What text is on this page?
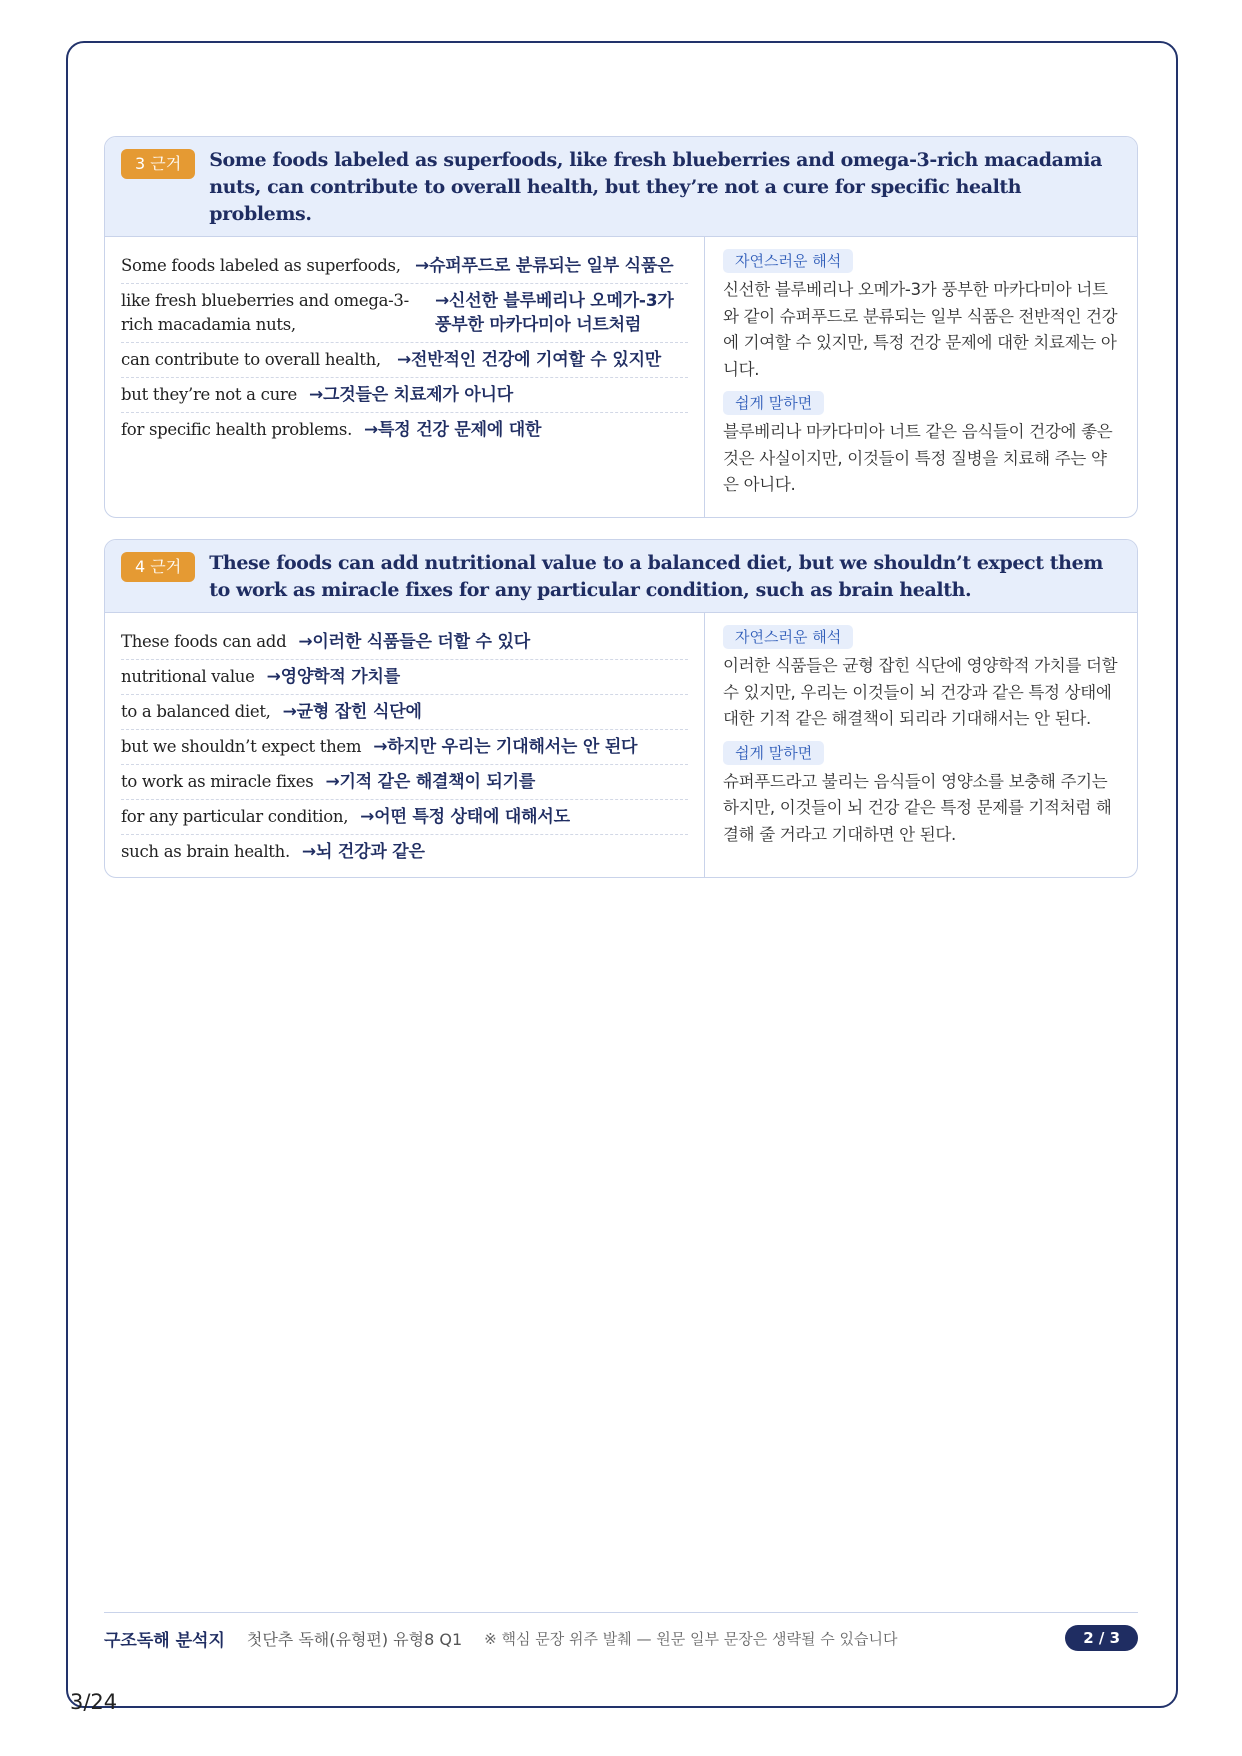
3 근거	Some foods labeled as superfoods, like fresh blueberries and omega-3-rich macadamia nuts, can contribute to overall health, but they’re not a cure for specific health problems.
Some foods labeled as superfoods, →슈퍼푸드로 분류되는 일부 식품은
like fresh blueberries and omega-3-rich macadamia nuts,
→신선한 블루베리나 오메가-3가 풍부한 마카다미아 너트처럼
can contribute to overall health, →전반적인 건강에 기여할 수 있지만
but they’re not a cure →그것들은 치료제가 아니다
for specific health problems. →특정 건강 문제에 대한
자연스러운 해석

신선한 블루베리나 오메가-3가 풍부한 마카다미아 너트와 같이 슈퍼푸드로 분류되는 일부 식품은 전반적인 건강에 기여할 수 있지만, 특정 건강 문제에 대한 치료제는 아니다.

쉽게 말하면

블루베리나 마카다미아 너트 같은 음식들이 건강에 좋은 것은 사실이지만, 이것들이 특정 질병을 치료해 주는 약은 아니다.

4 근거	These foods can add nutritional value to a balanced diet, but we shouldn’t expect them to work as miracle fixes for any particular condition, such as brain health.
These foods can add →이러한 식품들은 더할 수 있다
nutritional value →영양학적 가치를
to a balanced diet, →균형 잡힌 식단에
but we shouldn’t expect them →하지만 우리는 기대해서는 안 된다
to work as miracle fixes →기적 같은 해결책이 되기를
for any particular condition, →어떤 특정 상태에 대해서도
such as brain health. →뇌 건강과 같은
자연스러운 해석

이러한 식품들은 균형 잡힌 식단에 영양학적 가치를 더할 수 있지만, 우리는 이것들이 뇌 건강과 같은 특정 상태에 대한 기적 같은 해결책이 되리라 기대해서는 안 된다.

쉽게 말하면

슈퍼푸드라고 불리는 음식들이 영양소를 보충해 주기는 하지만, 이것들이 뇌 건강 같은 특정 문제를 기적처럼 해결해 줄 거라고 기대하면 안 된다.

구조독해 분석지 첫단추 독해(유형편) 유형8 Q1 ※ 핵심 문장 위주 발췌 — 원문 일부 문장은 생략될 수 있습니다	2 / 3
3/24
